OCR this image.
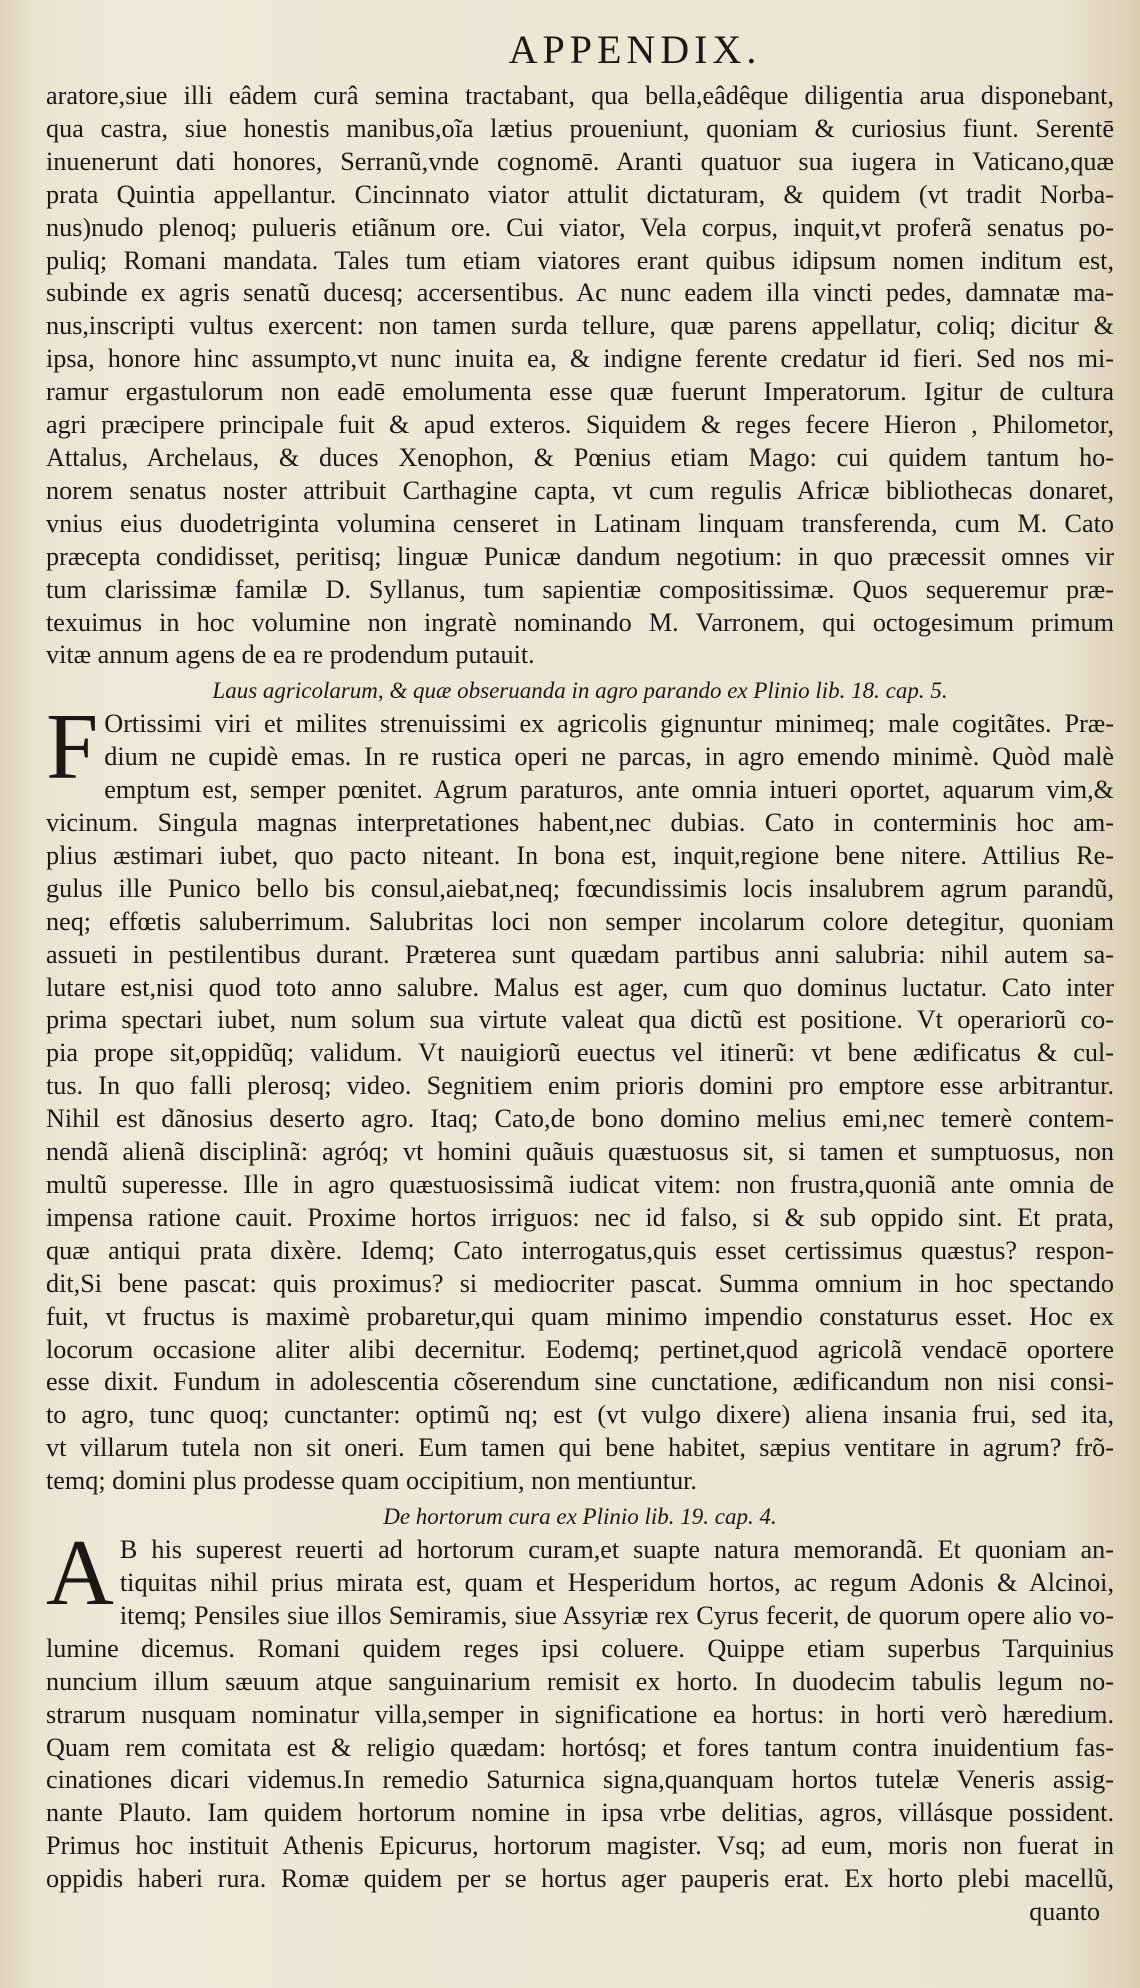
APPENDIX.
aratore,siue illi eâdem curâ semina tractabant, qua bella,eâdêque diligentia arua disponebant,
qua castra, siue honestis manibus,oĩa lætius proueniunt, quoniam & curiosius fiunt. Serentē
inuenerunt dati honores, Serranũ,vnde cognomē. Aranti quatuor sua iugera in Vaticano,quæ
prata Quintia appellantur. Cincinnato viator attulit dictaturam, & quidem (vt tradit Norba-
nus)nudo plenoq; pulueris etiãnum ore. Cui viator, Vela corpus, inquit,vt proferã senatus po-
puliq; Romani mandata. Tales tum etiam viatores erant quibus idipsum nomen inditum est,
subinde ex agris senatũ ducesq; accersentibus. Ac nunc eadem illa vincti pedes, damnatæ ma-
nus,inscripti vultus exercent: non tamen surda tellure, quæ parens appellatur, coliq; dicitur &
ipsa, honore hinc assumpto,vt nunc inuita ea, & indigne ferente credatur id fieri. Sed nos mi-
ramur ergastulorum non eadē emolumenta esse quæ fuerunt Imperatorum. Igitur de cultura
agri præcipere principale fuit & apud exteros. Siquidem & reges fecere Hieron , Philometor,
Attalus, Archelaus, & duces Xenophon, & Pœnius etiam Mago: cui quidem tantum ho-
norem senatus noster attribuit Carthagine capta, vt cum regulis Africæ bibliothecas donaret,
vnius eius duodetriginta volumina censeret in Latinam linquam transferenda, cum M. Cato
præcepta condidisset, peritisq; linguæ Punicæ dandum negotium: in quo præcessit omnes vir
tum clarissimæ familæ D. Syllanus, tum sapientiæ compositissimæ. Quos sequeremur præ-
texuimus in hoc volumine non ingratè nominando M. Varronem, qui octogesimum primum
vitæ annum agens de ea re prodendum putauit.
Laus agricolarum, & quæ obseruanda in agro parando ex Plinio lib. 18. cap. 5.
F Ortissimi viri et milites strenuissimi ex agricolis gignuntur minimeq; male cogitãtes. Præ-
dium ne cupidè emas. In re rustica operi ne parcas, in agro emendo minimè. Quòd malè
emptum est, semper pœnitet. Agrum paraturos, ante omnia intueri oportet, aquarum vim,&
vicinum. Singula magnas interpretationes habent,nec dubias. Cato in conterminis hoc am-
plius æstimari iubet, quo pacto niteant. In bona est, inquit,regione bene nitere. Attilius Re-
gulus ille Punico bello bis consul,aiebat,neq; fœcundissimis locis insalubrem agrum parandũ,
neq; effœtis saluberrimum. Salubritas loci non semper incolarum colore detegitur, quoniam
assueti in pestilentibus durant. Præterea sunt quædam partibus anni salubria: nihil autem sa-
lutare est,nisi quod toto anno salubre. Malus est ager, cum quo dominus luctatur. Cato inter
prima spectari iubet, num solum sua virtute valeat qua dictũ est positione. Vt operariorũ co-
pia prope sit,oppidũq; validum. Vt nauigiorũ euectus vel itinerũ: vt bene ædificatus & cul-
tus. In quo falli plerosq; video. Segnitiem enim prioris domini pro emptore esse arbitrantur.
Nihil est dãnosius deserto agro. Itaq; Cato,de bono domino melius emi,nec temerè contem-
nendã alienã disciplinã: agróq; vt homini quãuis quæstuosus sit, si tamen et sumptuosus, non
multũ superesse. Ille in agro quæstuosissimã iudicat vitem: non frustra,quoniã ante omnia de
impensa ratione cauit. Proxime hortos irriguos: nec id falso, si & sub oppido sint. Et prata,
quæ antiqui prata dixère. Idemq; Cato interrogatus,quis esset certissimus quæstus? respon-
dit,Si bene pascat: quis proximus? si mediocriter pascat. Summa omnium in hoc spectando
fuit, vt fructus is maximè probaretur,qui quam minimo impendio constaturus esset. Hoc ex
locorum occasione aliter alibi decernitur. Eodemq; pertinet,quod agricolã vendacē oportere
esse dixit. Fundum in adolescentia cõserendum sine cunctatione, ædificandum non nisi consi-
to agro, tunc quoq; cunctanter: optimũ nq; est (vt vulgo dixere) aliena insania frui, sed ita,
vt villarum tutela non sit oneri. Eum tamen qui bene habitet, sæpius ventitare in agrum? frõ-
temq; domini plus prodesse quam occipitium, non mentiuntur.
De hortorum cura ex Plinio lib. 19. cap. 4.
A B his superest reuerti ad hortorum curam,et suapte natura memorandã. Et quoniam an-
tiquitas nihil prius mirata est, quam et Hesperidum hortos, ac regum Adonis & Alcinoi,
itemq; Pensiles siue illos Semiramis, siue Assyriæ rex Cyrus fecerit, de quorum opere alio vo-
lumine dicemus. Romani quidem reges ipsi coluere. Quippe etiam superbus Tarquinius
nuncium illum sæuum atque sanguinarium remisit ex horto. In duodecim tabulis legum no-
strarum nusquam nominatur villa,semper in significatione ea hortus: in horti verò hæredium.
Quam rem comitata est & religio quædam: hortósq; et fores tantum contra inuidentium fas-
cinationes dicari videmus.In remedio Saturnica signa,quanquam hortos tutelæ Veneris assig-
nante Plauto. Iam quidem hortorum nomine in ipsa vrbe delitias, agros, villásque possident.
Primus hoc instituit Athenis Epicurus, hortorum magister. Vsq; ad eum, moris non fuerat in
oppidis haberi rura. Romæ quidem per se hortus ager pauperis erat. Ex horto plebi macellũ,
quanto
